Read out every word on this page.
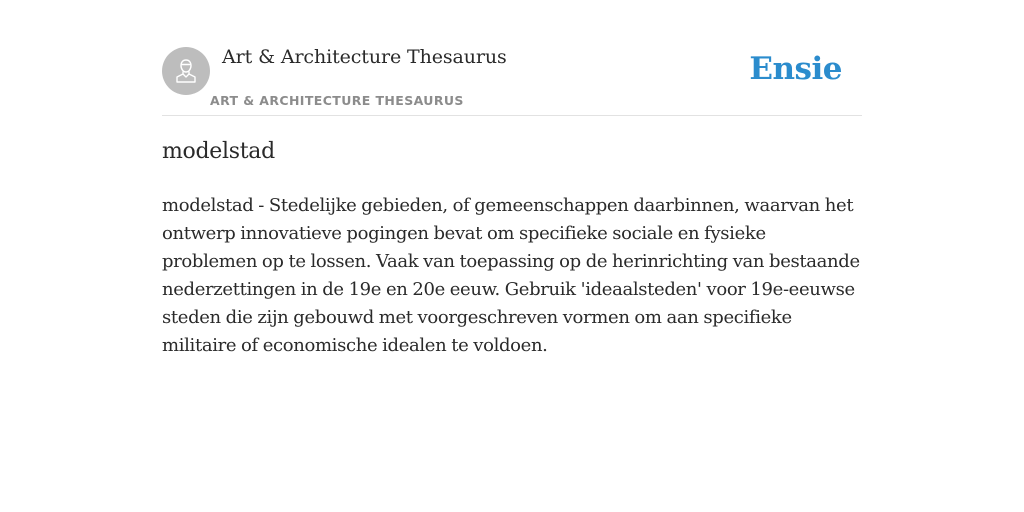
Art & Architecture Thesaurus
ART & ARCHITECTURE THESAURUS
Ensie
modelstad

modelstad - Stedelijke gebieden, of gemeenschappen daarbinnen, waarvan het ontwerp innovatieve pogingen bevat om specifieke sociale en fysieke problemen op te lossen. Vaak van toepassing op de herinrichting van bestaande nederzettingen in de 19e en 20e eeuw. Gebruik 'ideaalsteden' voor 19e-eeuwse steden die zijn gebouwd met voorgeschreven vormen om aan specifieke militaire of economische idealen te voldoen.
